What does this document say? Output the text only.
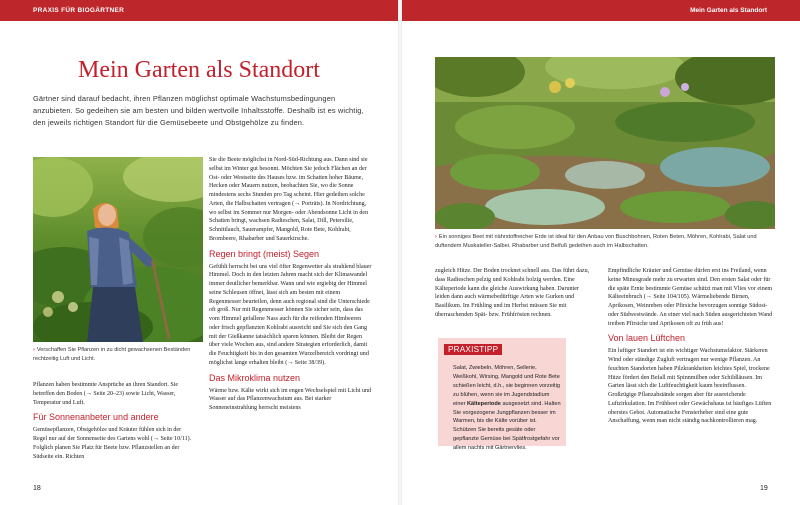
PRAXIS FÜR BIOGÄRTNER
Mein Garten als Standort
Gärtner sind darauf bedacht, ihren Pflanzen möglichst optimale Wachstumsbedingungen anzubieten. So gedeihen sie am besten und bilden wertvolle Inhaltsstoffe. Deshalb ist es wichtig, den jeweils richtigen Standort für die Gemüsebeete und Obstgehölze zu finden.
› Verschaffen Sie Pflanzen in zu dicht gewachsenen Beständen rechtzeitig Luft und Licht.

Pflanzen haben bestimmte Ansprüche an ihren Standort. Sie betreffen den Boden (→ Seite 20–23) sowie Licht, Wasser, Temperatur und Luft.

Für Sonnenanbeter und andere

Gemüsepflanzen, Obstgehölze und Kräuter fühlen sich in der Regel nur auf der Sonnenseite des Gartens wohl (→ Seite 10/11). Folglich planen Sie Platz für Beete bzw. Pflanzstellen an der Südseite ein. Richten

Sie die Beete möglichst in Nord-Süd-Richtung aus. Dann sind sie selbst im Winter gut besonnt. Möchten Sie jedoch Flächen an der Ost- oder Westseite des Hauses bzw. im Schatten hoher Bäume, Hecken oder Mauern nutzen, beobachten Sie, wo die Sonne mindestens sechs Stunden pro Tag scheint. Hier gedeihen solche Arten, die Halbschatten vertragen (→ Porträts). In Nordrichtung, wo selbst im Sommer nur Morgen- oder Abendsonne Licht in den Schatten bringt, wachsen Radieschen, Salat, Dill, Petersilie, Schnittlauch, Sauerampfer, Mangold, Rote Bete, Kohlrabi, Brombeere, Rhabarber und Sauerkirsche.

Regen bringt (meist) Segen

Gefühlt herrscht bei uns viel öfter Regenwetter als strahlend blauer Himmel. Doch in den letzten Jahren macht sich der Klimawandel immer deutlicher bemerkbar. Wann und wie ergiebig der Himmel seine Schleusen öffnet, lässt sich am besten mit einem Regenmesser beurteilen, denn auch regional sind die Unterschiede oft groß. Nur mit Regenmesser können Sie sicher sein, dass das vom Himmel gefallene Nass auch für die reifenden Himbeeren oder frisch gepflanzten Kohlrabi ausreicht und Sie sich den Gang mit der Gießkanne tatsächlich sparen können. Bleibt der Regen über viele Wochen aus, sind andere Strategien erforderlich, damit die Feuchtigkeit bis in den gesamten Wurzelbereich vordringt und möglichst lange erhalten bleibt (→ Seite 38/39).

Das Mikroklima nutzen

Wärme bzw. Kälte wirkt sich im engen Wechselspiel mit Licht und Wasser auf das Pflanzenwachstum aus. Bei starker Sonneneinstrahlung herrscht meistens

18
Mein Garten als Standort
› Ein sonniges Beet mit nährstoffreicher Erde ist ideal für den Anbau von Buschbohnen, Roten Beten, Möhren, Kohlrabi, Salat und duftendem Muskateller-Salbei. Rhabarber und Beifuß gedeihen auch im Halbschatten.

zugleich Hitze. Der Boden trocknet schnell aus. Das führt dazu, dass Radieschen pelzig und Kohlrabi holzig werden. Eine Kälteperiode kann die gleiche Auswirkung haben. Darunter leiden dann auch wärmebedürftige Arten wie Gurken und Basilikum. Im Frühling und im Herbst müssen Sie mit überraschenden Spät- bzw. Frühfrösten rechnen.

PRAXISTIPP
Salat, Zwiebeln, Möhren, Sellerie, Weißkohl, Wirsing, Mangold und Rote Bete schießen leicht, d.h., sie beginnen vorzeitig zu blühen, wenn sie im Jugendstadium einer Kälteperiode ausgesetzt sind. Halten Sie vorgezogene Jungpflanzen besser im Warmen, bis die Kälte vorüber ist. Schützen Sie bereits gesäte oder gepflanzte Gemüse bei Spätfrostgefahr vor allem nachts mit Gärtnervlies.

Empfindliche Kräuter und Gemüse dürfen erst ins Freiland, wenn keine Minusgrade mehr zu erwarten sind. Den ersten Salat oder für die späte Ernte bestimmte Gemüse schützt man mit Vlies vor einem Kälteeinbruch (→ Seite 104/105). Wärmeliebende Birnen, Aprikosen, Weinreben oder Pfirsiche bevorzugen sonnige Südost- oder Südwestwände. An einer viel nach Süden ausgerichteten Wand treiben Pfirsiche und Aprikosen oft zu früh aus!

Von lauen Lüftchen

Ein luftiger Standort ist ein wichtiger Wachstumsfaktor. Stärkeren Wind oder ständige Zugluft vertragen nur wenige Pflanzen. An feuchten Standorten haben Pilzkrankheiten leichtes Spiel, trockene Hitze fördert den Befall mit Spinnmilben oder Schildläusen. Im Garten lässt sich die Luftfeuchtigkeit kaum beeinflussen. Großzügige Pflanzabstände sorgen aber für ausreichende Luftzirkulation. Im Frühbeet oder Gewächshaus ist häufiges Lüften oberstes Gebot. Automatische Fensterheber sind eine gute Anschaffung, wenn man nicht ständig nachkontrollieren mag.

19
